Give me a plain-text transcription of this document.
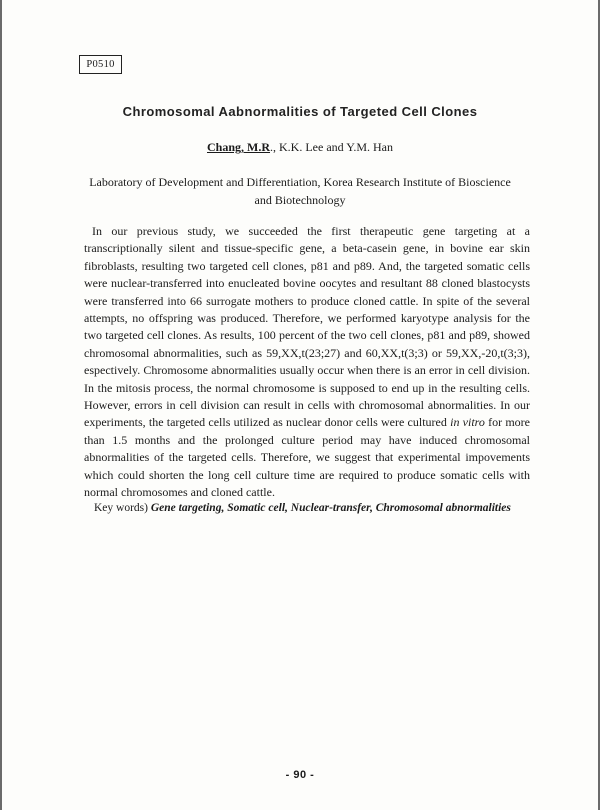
P0510
Chromosomal Aabnormalities of Targeted Cell Clones
Chang, M.R., K.K. Lee and Y.M. Han
Laboratory of Development and Differentiation, Korea Research Institute of Bioscience
and Biotechnology

In our previous study, we succeeded the first therapeutic gene targeting at a transcriptionally silent and tissue-specific gene, a beta-casein gene, in bovine ear skin fibroblasts, resulting two targeted cell clones, p81 and p89. And, the targeted somatic cells were nuclear-transferred into enucleated bovine oocytes and resultant 88 cloned blastocysts were transferred into 66 surrogate mothers to produce cloned cattle. In spite of the several attempts, no offspring was produced. Therefore, we performed karyotype analysis for the two targeted cell clones. As results, 100 percent of the two cell clones, p81 and p89, showed chromosomal abnormalities, such as 59,XX,t(23;27) and 60,XX,t(3;3) or 59,XX,-20,t(3;3), espectively. Chromosome abnormalities usually occur when there is an error in cell division. In the mitosis process, the normal chromosome is supposed to end up in the resulting cells. However, errors in cell division can result in cells with chromosomal abnormalities. In our experiments, the targeted cells utilized as nuclear donor cells were cultured in vitro for more than 1.5 months and the prolonged culture period may have induced chromosomal abnormalities of the targeted cells. Therefore, we suggest that experimental impovements which could shorten the long cell culture time are required to produce somatic cells with normal chromosomes and cloned cattle.

Key words) Gene targeting, Somatic cell, Nuclear-transfer, Chromosomal abnormalities
- 90 -
